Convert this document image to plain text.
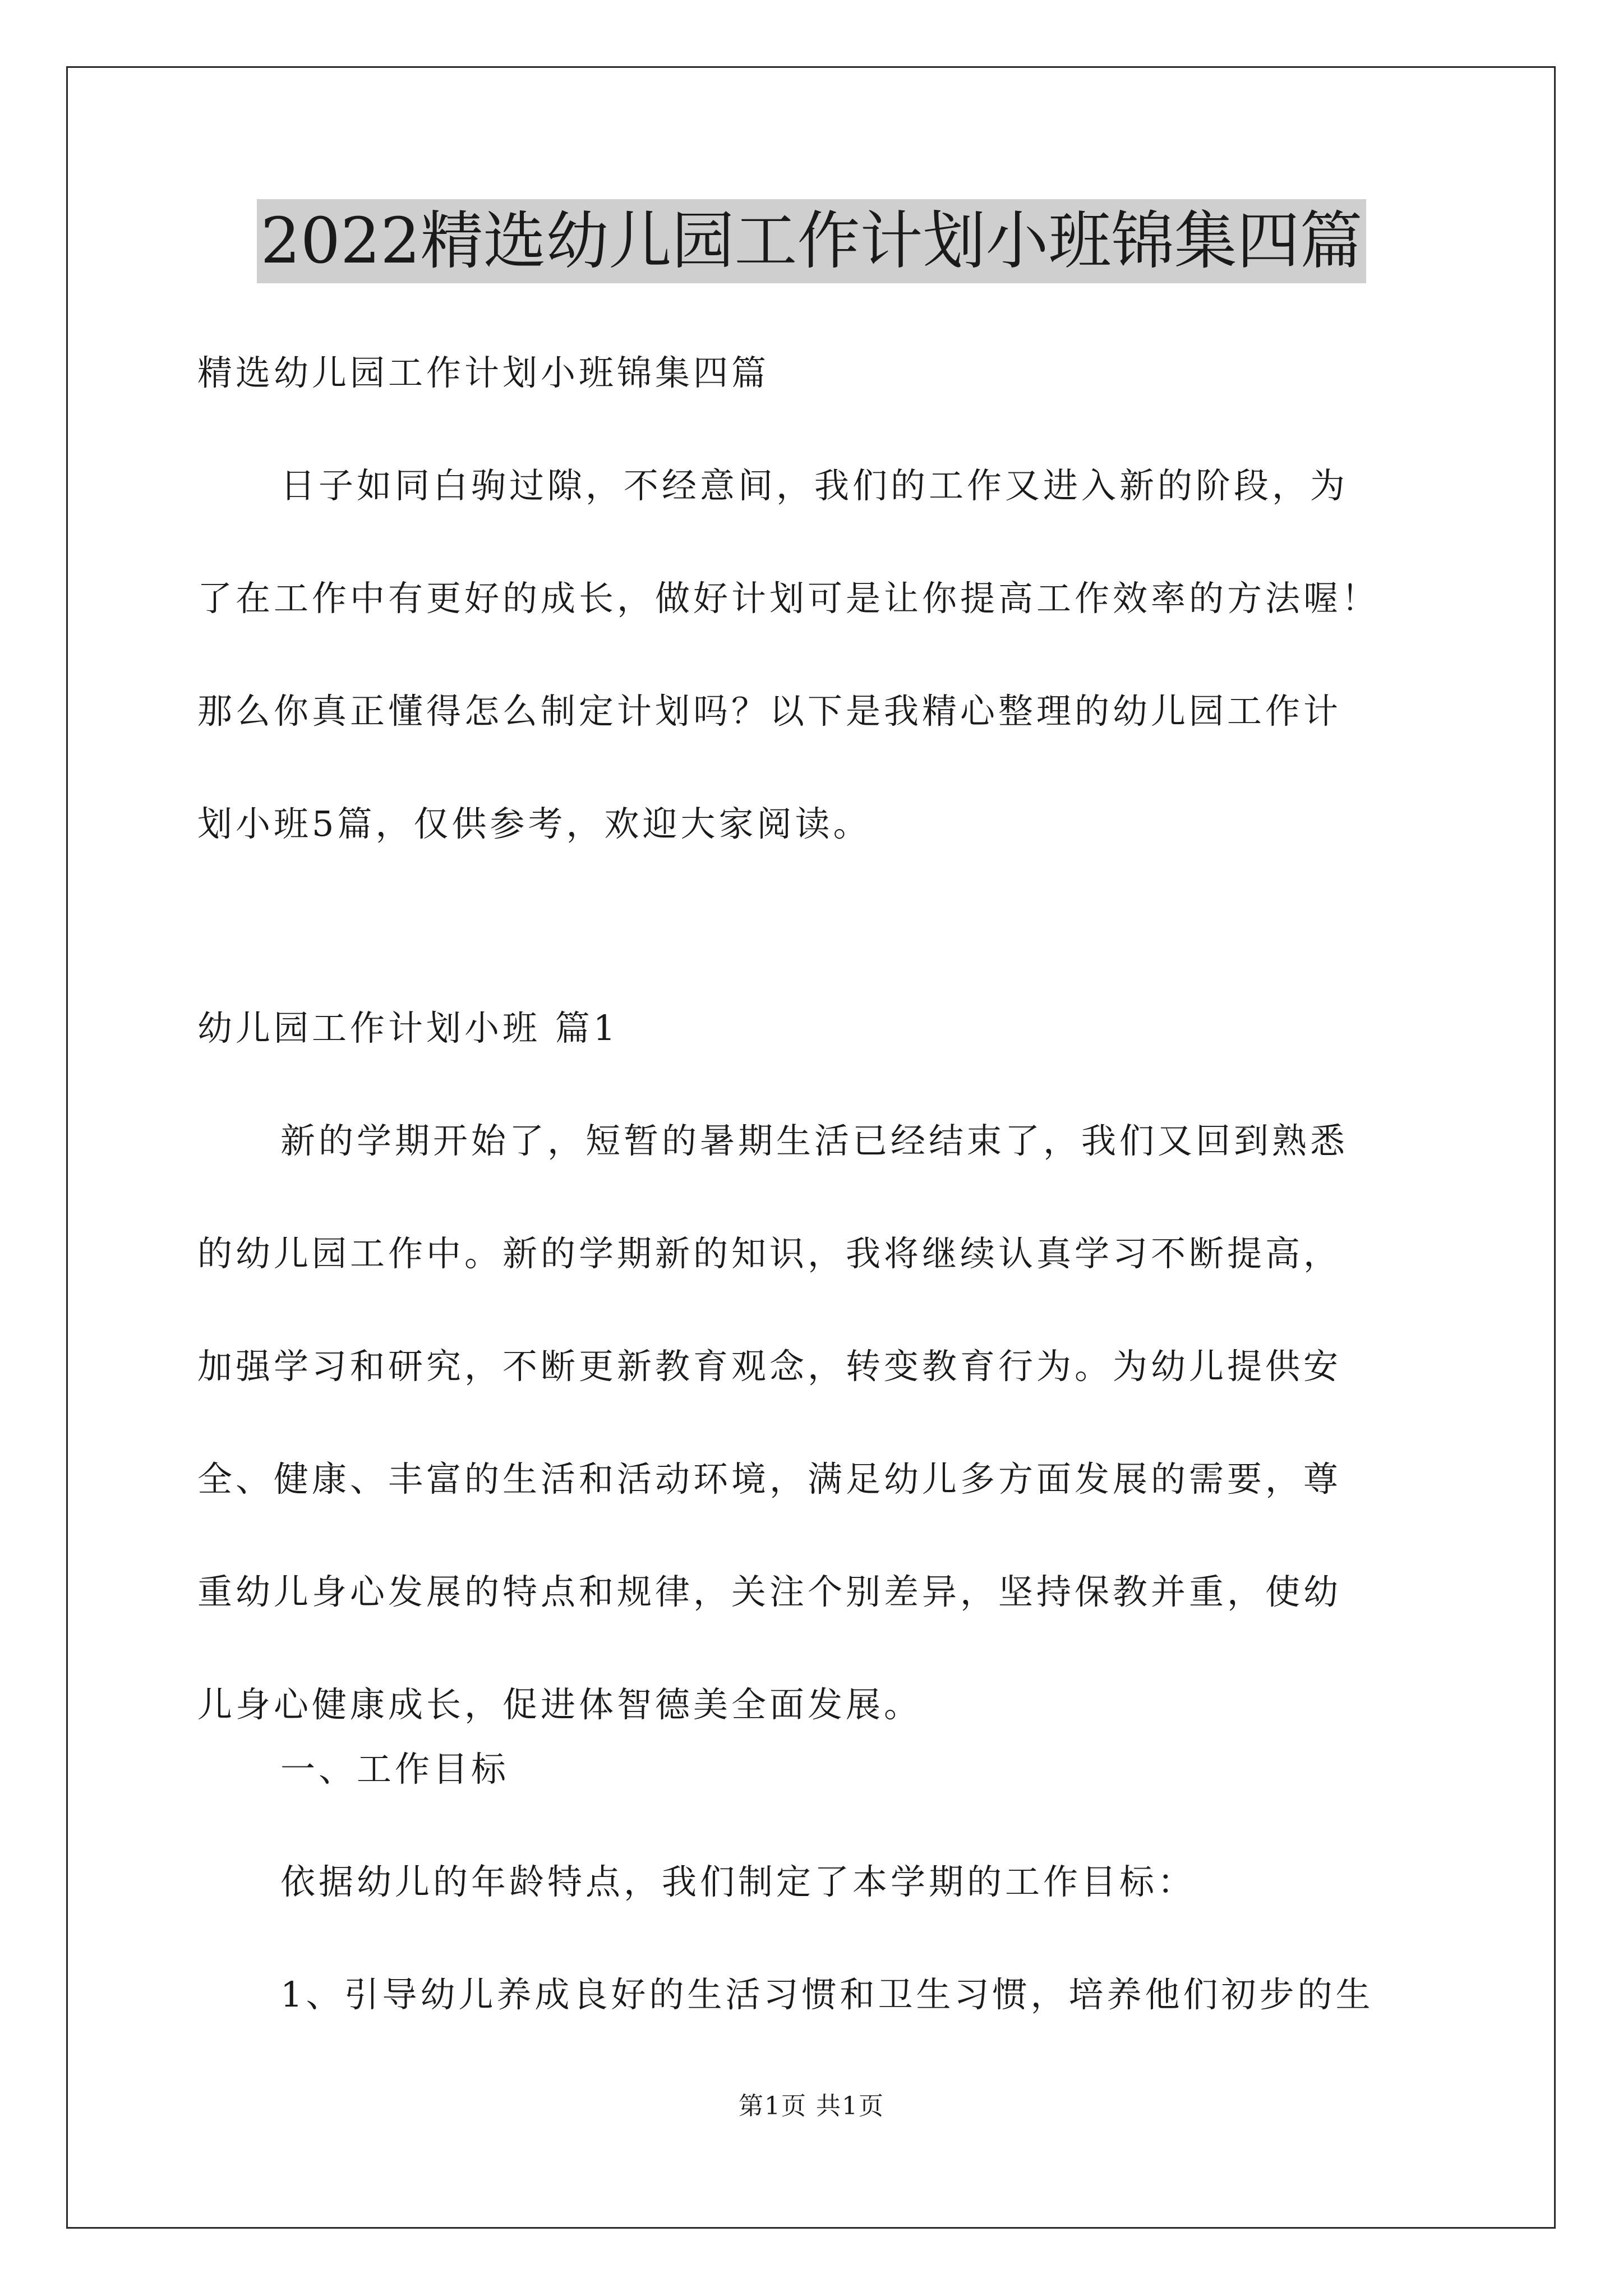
2022精选幼儿园工作计划小班锦集四篇
精选幼儿园工作计划小班锦集四篇
日子如同白驹过隙，不经意间，我们的工作又进入新的阶段，为
了在工作中有更好的成长，做好计划可是让你提高工作效率的方法喔！
那么你真正懂得怎么制定计划吗？以下是我精心整理的幼儿园工作计
划小班5篇，仅供参考，欢迎大家阅读。
幼儿园工作计划小班 篇1
新的学期开始了，短暂的暑期生活已经结束了，我们又回到熟悉
的幼儿园工作中。新的学期新的知识，我将继续认真学习不断提高，
加强学习和研究，不断更新教育观念，转变教育行为。为幼儿提供安
全、健康、丰富的生活和活动环境，满足幼儿多方面发展的需要，尊
重幼儿身心发展的特点和规律，关注个别差异，坚持保教并重，使幼
儿身心健康成长，促进体智德美全面发展。
一、工作目标
依据幼儿的年龄特点，我们制定了本学期的工作目标：
1、引导幼儿养成良好的生活习惯和卫生习惯，培养他们初步的生
第1页 共1页
